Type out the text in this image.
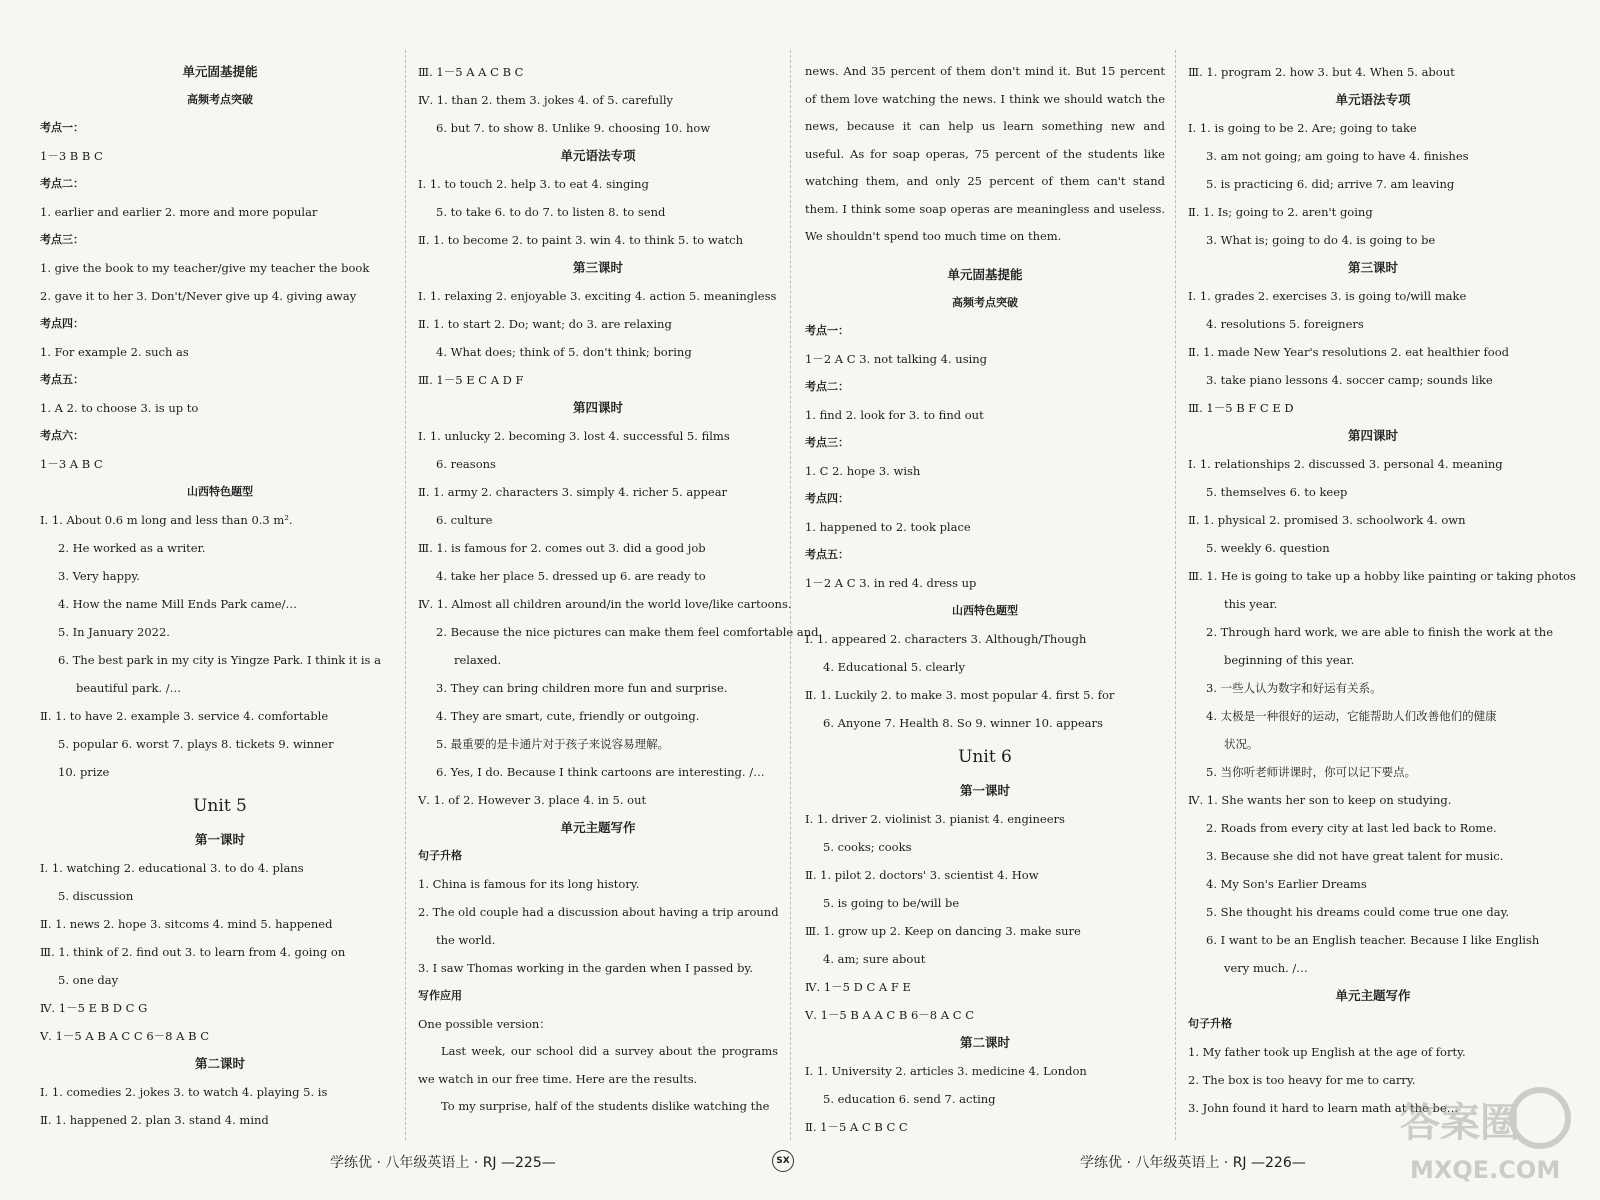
单元固基提能
高频考点突破
考点一：
1－3 B B C
考点二：
1. earlier and earlier 2. more and more popular
考点三：
1. give the book to my teacher/give my teacher the book
2. gave it to her 3. Don't/Never give up 4. giving away
考点四：
1. For example 2. such as
考点五：
1. A 2. to choose 3. is up to
考点六：
1－3 A B C
山西特色题型
Ⅰ. 1. About 0.6 m long and less than 0.3 m².
2. He worked as a writer.
3. Very happy.
4. How the name Mill Ends Park came/…
5. In January 2022.
6. The best park in my city is Yingze Park. I think it is a
beautiful park. /…
Ⅱ. 1. to have 2. example 3. service 4. comfortable
5. popular 6. worst 7. plays 8. tickets 9. winner
10. prize
Unit 5
第一课时
Ⅰ. 1. watching 2. educational 3. to do 4. plans
5. discussion
Ⅱ. 1. news 2. hope 3. sitcoms 4. mind 5. happened
Ⅲ. 1. think of 2. find out 3. to learn from 4. going on
5. one day
Ⅳ. 1－5 E B D C G
Ⅴ. 1－5 A B A C C 6－8 A B C
第二课时
Ⅰ. 1. comedies 2. jokes 3. to watch 4. playing 5. is
Ⅱ. 1. happened 2. plan 3. stand 4. mind
Ⅲ. 1－5 A A C B C
Ⅳ. 1. than 2. them 3. jokes 4. of 5. carefully
6. but 7. to show 8. Unlike 9. choosing 10. how
单元语法专项
Ⅰ. 1. to touch 2. help 3. to eat 4. singing
5. to take 6. to do 7. to listen 8. to send
Ⅱ. 1. to become 2. to paint 3. win 4. to think 5. to watch
第三课时
Ⅰ. 1. relaxing 2. enjoyable 3. exciting 4. action 5. meaningless
Ⅱ. 1. to start 2. Do; want; do 3. are relaxing
4. What does; think of 5. don't think; boring
Ⅲ. 1－5 E C A D F
第四课时
Ⅰ. 1. unlucky 2. becoming 3. lost 4. successful 5. films
6. reasons
Ⅱ. 1. army 2. characters 3. simply 4. richer 5. appear
6. culture
Ⅲ. 1. is famous for 2. comes out 3. did a good job
4. take her place 5. dressed up 6. are ready to
Ⅳ. 1. Almost all children around/in the world love/like cartoons.
2. Because the nice pictures can make them feel comfortable and
relaxed.
3. They can bring children more fun and surprise.
4. They are smart, cute, friendly or outgoing.
5. 最重要的是卡通片对于孩子来说容易理解。
6. Yes, I do. Because I think cartoons are interesting. /…
Ⅴ. 1. of 2. However 3. place 4. in 5. out
单元主题写作
句子升格
1. China is famous for its long history.
2. The old couple had a discussion about having a trip around
the world.
3. I saw Thomas working in the garden when I passed by.
写作应用
One possible version：
Last week, our school did a survey about the programs we watch in our free time. Here are the results.
To my surprise, half of the students dislike watching the
news. And 35 percent of them don't mind it. But 15 percent of them love watching the news. I think we should watch the news, because it can help us learn something new and useful. As for soap operas, 75 percent of the students like watching them, and only 25 percent of them can't stand them. I think some soap operas are meaningless and useless. We shouldn't spend too much time on them.
单元固基提能
高频考点突破
考点一：
1－2 A C 3. not talking 4. using
考点二：
1. find 2. look for 3. to find out
考点三：
1. C 2. hope 3. wish
考点四：
1. happened to 2. took place
考点五：
1－2 A C 3. in red 4. dress up
山西特色题型
Ⅰ. 1. appeared 2. characters 3. Although/Though
4. Educational 5. clearly
Ⅱ. 1. Luckily 2. to make 3. most popular 4. first 5. for
6. Anyone 7. Health 8. So 9. winner 10. appears
Unit 6
第一课时
Ⅰ. 1. driver 2. violinist 3. pianist 4. engineers
5. cooks; cooks
Ⅱ. 1. pilot 2. doctors' 3. scientist 4. How
5. is going to be/will be
Ⅲ. 1. grow up 2. Keep on dancing 3. make sure
4. am; sure about
Ⅳ. 1－5 D C A F E
Ⅴ. 1－5 B A A C B 6－8 A C C
第二课时
Ⅰ. 1. University 2. articles 3. medicine 4. London
5. education 6. send 7. acting
Ⅱ. 1－5 A C B C C
Ⅲ. 1. program 2. how 3. but 4. When 5. about
单元语法专项
Ⅰ. 1. is going to be 2. Are; going to take
3. am not going; am going to have 4. finishes
5. is practicing 6. did; arrive 7. am leaving
Ⅱ. 1. Is; going to 2. aren't going
3. What is; going to do 4. is going to be
第三课时
Ⅰ. 1. grades 2. exercises 3. is going to/will make
4. resolutions 5. foreigners
Ⅱ. 1. made New Year's resolutions 2. eat healthier food
3. take piano lessons 4. soccer camp; sounds like
Ⅲ. 1－5 B F C E D
第四课时
Ⅰ. 1. relationships 2. discussed 3. personal 4. meaning
5. themselves 6. to keep
Ⅱ. 1. physical 2. promised 3. schoolwork 4. own
5. weekly 6. question
Ⅲ. 1. He is going to take up a hobby like painting or taking photos
this year.
2. Through hard work, we are able to finish the work at the
beginning of this year.
3. 一些人认为数字和好运有关系。
4. 太极是一种很好的运动，它能帮助人们改善他们的健康
状况。
5. 当你听老师讲课时，你可以记下要点。
Ⅳ. 1. She wants her son to keep on studying.
2. Roads from every city at last led back to Rome.
3. Because she did not have great talent for music.
4. My Son's Earlier Dreams
5. She thought his dreams could come true one day.
6. I want to be an English teacher. Because I like English
very much. /…
单元主题写作
句子升格
1. My father took up English at the age of forty.
2. The box is too heavy for me to carry.
3. John found it hard to learn math at the be…
学练优 · 八年级英语上 · RJ —225—	SX	学练优 · 八年级英语上 · RJ —226—
答案圈
MXQE.COM
